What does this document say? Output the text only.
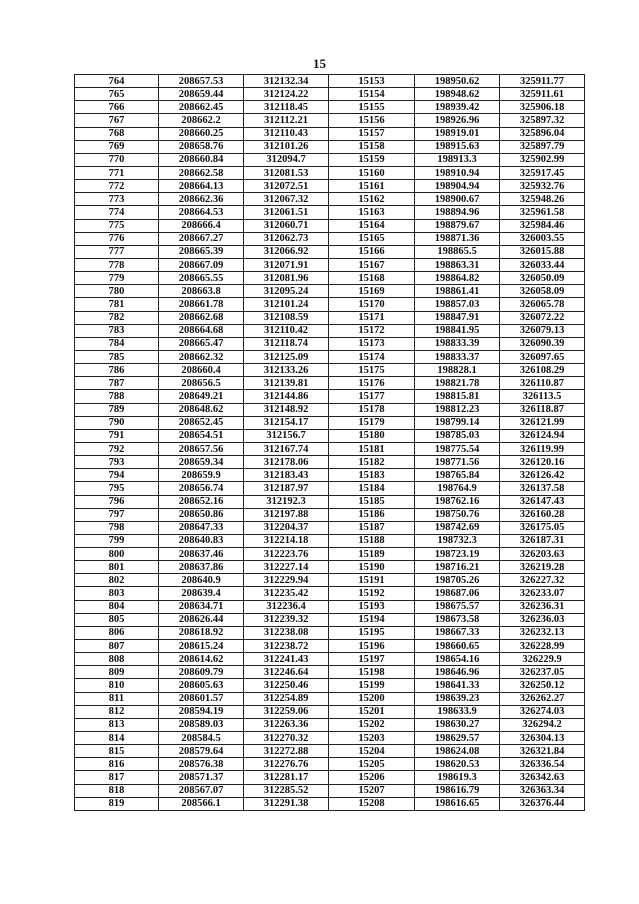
15
764	208657.53	312132.34	15153	198950.62	325911.77
765	208659.44	312124.22	15154	198948.62	325911.61
766	208662.45	312118.45	15155	198939.42	325906.18
767	208662.2	312112.21	15156	198926.96	325897.32
768	208660.25	312110.43	15157	198919.01	325896.04
769	208658.76	312101.26	15158	198915.63	325897.79
770	208660.84	312094.7	15159	198913.3	325902.99
771	208662.58	312081.53	15160	198910.94	325917.45
772	208664.13	312072.51	15161	198904.94	325932.76
773	208662.36	312067.32	15162	198900.67	325948.26
774	208664.53	312061.51	15163	198894.96	325961.58
775	208666.4	312060.71	15164	198879.67	325984.46
776	208667.27	312062.73	15165	198871.36	326003.55
777	208665.39	312066.92	15166	198865.5	326015.88
778	208667.09	312071.91	15167	198863.31	326033.44
779	208665.55	312081.96	15168	198864.82	326050.09
780	208663.8	312095.24	15169	198861.41	326058.09
781	208661.78	312101.24	15170	198857.03	326065.78
782	208662.68	312108.59	15171	198847.91	326072.22
783	208664.68	312110.42	15172	198841.95	326079.13
784	208665.47	312118.74	15173	198833.39	326090.39
785	208662.32	312125.09	15174	198833.37	326097.65
786	208660.4	312133.26	15175	198828.1	326108.29
787	208656.5	312139.81	15176	198821.78	326110.87
788	208649.21	312144.86	15177	198815.81	326113.5
789	208648.62	312148.92	15178	198812.23	326118.87
790	208652.45	312154.17	15179	198799.14	326121.99
791	208654.51	312156.7	15180	198785.03	326124.94
792	208657.56	312167.74	15181	198775.54	326119.99
793	208659.34	312178.06	15182	198771.56	326120.16
794	208659.9	312183.43	15183	198765.84	326126.42
795	208656.74	312187.97	15184	198764.9	326137.58
796	208652.16	312192.3	15185	198762.16	326147.43
797	208650.86	312197.88	15186	198750.76	326160.28
798	208647.33	312204.37	15187	198742.69	326175.05
799	208640.83	312214.18	15188	198732.3	326187.31
800	208637.46	312223.76	15189	198723.19	326203.63
801	208637.86	312227.14	15190	198716.21	326219.28
802	208640.9	312229.94	15191	198705.26	326227.32
803	208639.4	312235.42	15192	198687.06	326233.07
804	208634.71	312236.4	15193	198675.57	326236.31
805	208626.44	312239.32	15194	198673.58	326236.03
806	208618.92	312238.08	15195	198667.33	326232.13
807	208615.24	312238.72	15196	198660.65	326228.99
808	208614.62	312241.43	15197	198654.16	326229.9
809	208609.79	312246.64	15198	198646.96	326237.05
810	208605.63	312250.46	15199	198641.33	326250.12
811	208601.57	312254.89	15200	198639.23	326262.27
812	208594.19	312259.06	15201	198633.9	326274.03
813	208589.03	312263.36	15202	198630.27	326294.2
814	208584.5	312270.32	15203	198629.57	326304.13
815	208579.64	312272.88	15204	198624.08	326321.84
816	208576.38	312276.76	15205	198620.53	326336.54
817	208571.37	312281.17	15206	198619.3	326342.63
818	208567.07	312285.52	15207	198616.79	326363.34
819	208566.1	312291.38	15208	198616.65	326376.44
